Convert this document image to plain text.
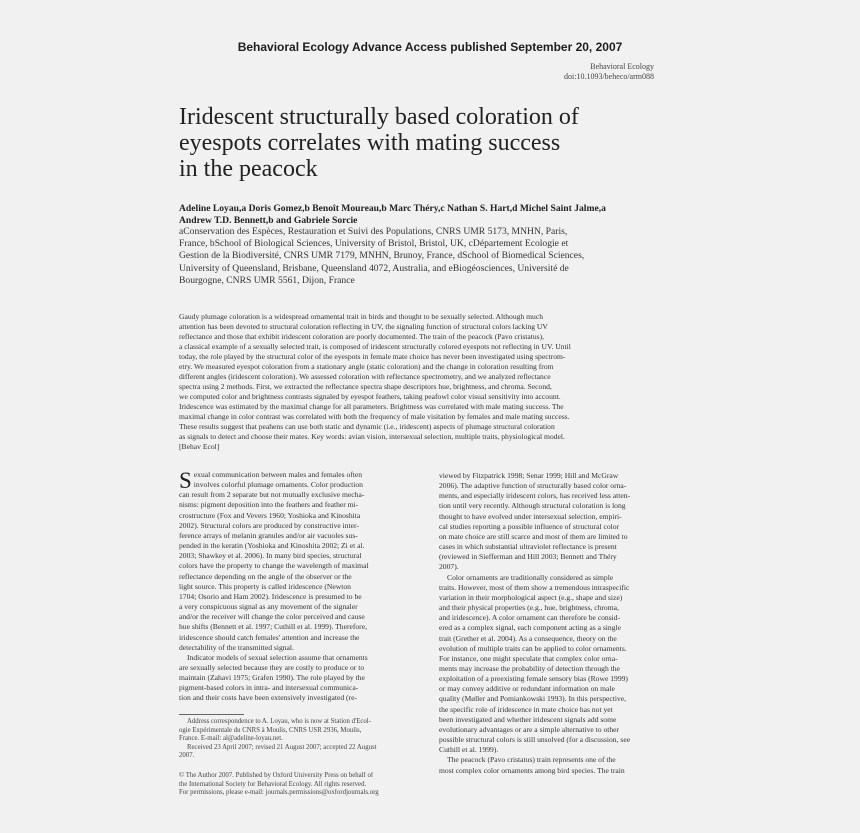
Behavioral Ecology Advance Access published September 20, 2007
Behavioral Ecology
doi:10.1093/beheco/arm088
Iridescent structurally based coloration of
eyespots correlates with mating success
in the peacock
Adeline Loyau,a Doris Gomez,b Benoît Moureau,b Marc Théry,c Nathan S. Hart,d Michel Saint Jalme,a
Andrew T.D. Bennett,b and Gabriele Sorcie
aConservation des Espèces, Restauration et Suivi des Populations, CNRS UMR 5173, MNHN, Paris,
France, bSchool of Biological Sciences, University of Bristol, Bristol, UK, cDépartement Ecologie et
Gestion de la Biodiversité, CNRS UMR 7179, MNHN, Brunoy, France, dSchool of Biomedical Sciences,
University of Queensland, Brisbane, Queensland 4072, Australia, and eBiogéosciences, Université de
Bourgogne, CNRS UMR 5561, Dijon, France
Gaudy plumage coloration is a widespread ornamental trait in birds and thought to be sexually selected. Although much
attention has been devoted to structural coloration reflecting in UV, the signaling function of structural colors lacking UV
reflectance and those that exhibit iridescent coloration are poorly documented. The train of the peacock (Pavo cristatus),
a classical example of a sexually selected trait, is composed of iridescent structurally colored eyespots not reflecting in UV. Until
today, the role played by the structural color of the eyespots in female mate choice has never been investigated using spectrom-
etry. We measured eyespot coloration from a stationary angle (static coloration) and the change in coloration resulting from
different angles (iridescent coloration). We assessed coloration with reflectance spectrometry, and we analyzed reflectance
spectra using 2 methods. First, we extracted the reflectance spectra shape descriptors hue, brightness, and chroma. Second,
we computed color and brightness contrasts signaled by eyespot feathers, taking peafowl color visual sensitivity into account.
Iridescence was estimated by the maximal change for all parameters. Brightness was correlated with male mating success. The
maximal change in color contrast was correlated with both the frequency of male visitation by females and male mating success.
These results suggest that peahens can use both static and dynamic (i.e., iridescent) aspects of plumage structural coloration
as signals to detect and choose their mates. Key words: avian vision, intersexual selection, multiple traits, physiological model.
[Behav Ecol]
S exual communication between males and females often
involves colorful plumage ornaments. Color production
can result from 2 separate but not mutually exclusive mecha-
nisms: pigment deposition into the feathers and feather mi-
crostructure (Fox and Vevers 1960; Yoshioka and Kinoshita
2002). Structural colors are produced by constructive inter-
ference arrays of melanin granules and/or air vacuoles sus-
pended in the keratin (Yoshioka and Kinoshita 2002; Zi et al.
2003; Shawkey et al. 2006). In many bird species, structural
colors have the property to change the wavelength of maximal
reflectance depending on the angle of the observer or the
light source. This property is called iridescence (Newton
1704; Osorio and Ham 2002). Iridescence is presumed to be
a very conspicuous signal as any movement of the signaler
and/or the receiver will change the color perceived and cause
hue shifts (Bennett et al. 1997; Cuthill et al. 1999). Therefore,
iridescence should catch females' attention and increase the
detectability of the transmitted signal.
Indicator models of sexual selection assume that ornaments
are sexually selected because they are costly to produce or to
maintain (Zahavi 1975; Grafen 1990). The role played by the
pigment-based colors in intra- and intersexual communica-
tion and their costs have been extensively investigated (re-
Address correspondence to A. Loyau, who is now at Station d'Ecol-
ogie Expérimentale du CNRS à Moulis, CNRS USR 2936, Moulis,
France. E-mail: al@adeline-loyau.net.
Received 23 April 2007; revised 21 August 2007; accepted 22 August
2007.
© The Author 2007. Published by Oxford University Press on behalf of
the International Society for Behavioral Ecology. All rights reserved.
For permissions, please e-mail: journals.permissions@oxfordjournals.org
viewed by Fitzpatrick 1998; Senar 1999; Hill and McGraw
2006). The adaptive function of structurally based color orna-
ments, and especially iridescent colors, has received less atten-
tion until very recently. Although structural coloration is long
thought to have evolved under intersexual selection, empiri-
cal studies reporting a possible influence of structural color
on mate choice are still scarce and most of them are limited to
cases in which substantial ultraviolet reflectance is present
(reviewed in Siefferman and Hill 2003; Bennett and Théry
2007).
Color ornaments are traditionally considered as simple
traits. However, most of them show a tremendous intraspecific
variation in their morphological aspect (e.g., shape and size)
and their physical properties (e.g., hue, brightness, chroma,
and iridescence). A color ornament can therefore be consid-
ered as a complex signal, each component acting as a single
trait (Grether et al. 2004). As a consequence, theory on the
evolution of multiple traits can be applied to color ornaments.
For instance, one might speculate that complex color orna-
ments may increase the probability of detection through the
exploitation of a preexisting female sensory bias (Rowe 1999)
or may convey additive or redundant information on male
quality (Møller and Pomiankowski 1993). In this perspective,
the specific role of iridescence in mate choice has not yet
been investigated and whether iridescent signals add some
evolutionary advantages or are a simple alternative to other
possible structural colors is still unsolved (for a discussion, see
Cuthill et al. 1999).
The peacock (Pavo cristatus) train represents one of the
most complex color ornaments among bird species. The train
